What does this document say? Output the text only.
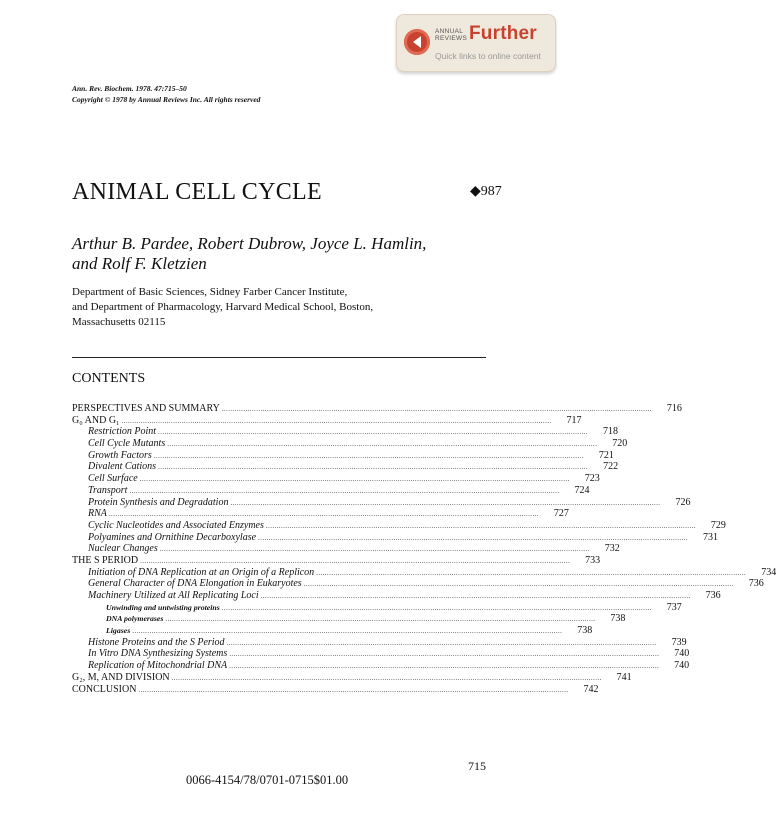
ANNUAL
REVIEWS Further
Quick links to online content
Ann. Rev. Biochem. 1978. 47:715–50
Copyright © 1978 by Annual Reviews Inc. All rights reserved
ANIMAL CELL CYCLE	◆987
Arthur B. Pardee, Robert Dubrow, Joyce L. Hamlin,
and Rolf F. Kletzien
Department of Basic Sciences, Sidney Farber Cancer Institute,
and Department of Pharmacology, Harvard Medical School, Boston,
Massachusetts 02115
CONTENTS
PERSPECTIVES AND SUMMARY ........................................................................................................................................................................................................	716
G₀ AND G₁ ........................................................................................................................................................................................................	717
Restriction Point ........................................................................................................................................................................................................	718
Cell Cycle Mutants ........................................................................................................................................................................................................	720
Growth Factors ........................................................................................................................................................................................................	721
Divalent Cations ........................................................................................................................................................................................................	722
Cell Surface ........................................................................................................................................................................................................	723
Transport ........................................................................................................................................................................................................	724
Protein Synthesis and Degradation ........................................................................................................................................................................................................	726
RNA ........................................................................................................................................................................................................	727
Cyclic Nucleotides and Associated Enzymes ........................................................................................................................................................................................................	729
Polyamines and Ornithine Decarboxylase ........................................................................................................................................................................................................	731
Nuclear Changes ........................................................................................................................................................................................................	732
THE S PERIOD ........................................................................................................................................................................................................	733
Initiation of DNA Replication at an Origin of a Replicon ........................................................................................................................................................................................................	734
General Character of DNA Elongation in Eukaryotes ........................................................................................................................................................................................................	736
Machinery Utilized at All Replicating Loci ........................................................................................................................................................................................................	736
Unwinding and untwisting proteins ........................................................................................................................................................................................................	737
DNA polymerases ........................................................................................................................................................................................................	738
Ligases ........................................................................................................................................................................................................	738
Histone Proteins and the S Period ........................................................................................................................................................................................................	739
In Vitro DNA Synthesizing Systems ........................................................................................................................................................................................................	740
Replication of Mitochondrial DNA ........................................................................................................................................................................................................	740
G₂, M, AND DIVISION ........................................................................................................................................................................................................	741
CONCLUSION ........................................................................................................................................................................................................	742
715
0066-4154/78/0701-0715$01.00
